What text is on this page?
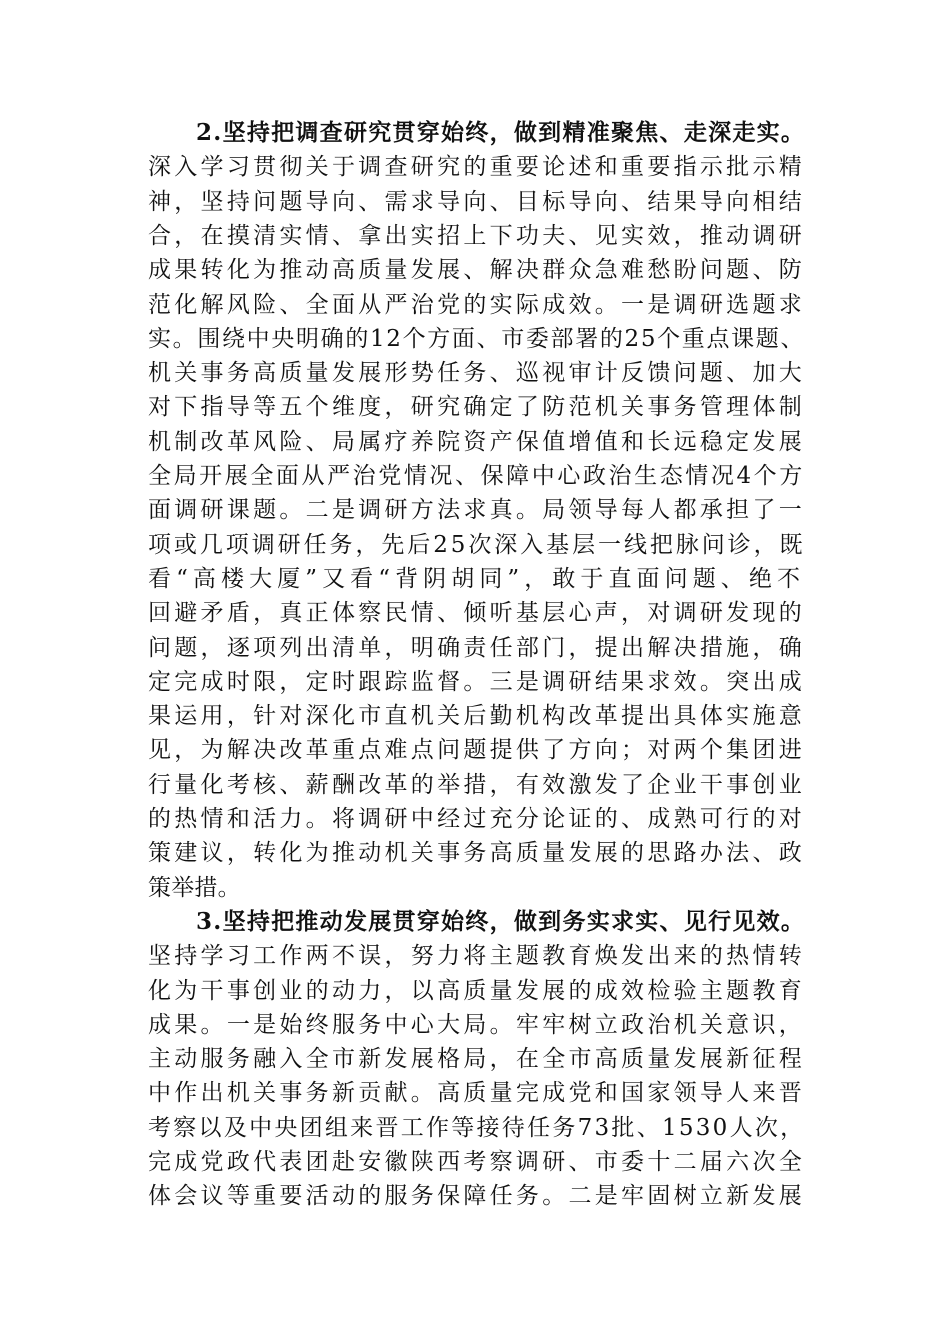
2.坚持把调查研究贯穿始终，做到精准聚焦、走深走实。
深入学习贯彻关于调查研究的重要论述和重要指示批示精
神，坚持问题导向、需求导向、目标导向、结果导向相结
合，在摸清实情、拿出实招上下功夫、见实效，推动调研
成果转化为推动高质量发展、解决群众急难愁盼问题、防
范化解风险、全面从严治党的实际成效。一是调研选题求
实。围绕中央明确的12个方面、市委部署的25个重点课题、
机关事务高质量发展形势任务、巡视审计反馈问题、加大
对下指导等五个维度，研究确定了防范机关事务管理体制
机制改革风险、局属疗养院资产保值增值和长远稳定发展
全局开展全面从严治党情况、保障中心政治生态情况4个方
面调研课题。二是调研方法求真。局领导每人都承担了一
项或几项调研任务，先后25次深入基层一线把脉问诊，既
看“高楼大厦”又看“背阴胡同”，敢于直面问题、绝不
回避矛盾，真正体察民情、倾听基层心声，对调研发现的
问题，逐项列出清单，明确责任部门，提出解决措施，确
定完成时限，定时跟踪监督。三是调研结果求效。突出成
果运用，针对深化市直机关后勤机构改革提出具体实施意
见，为解决改革重点难点问题提供了方向；对两个集团进
行量化考核、薪酬改革的举措，有效激发了企业干事创业
的热情和活力。将调研中经过充分论证的、成熟可行的对
策建议，转化为推动机关事务高质量发展的思路办法、政
策举措。
3.坚持把推动发展贯穿始终，做到务实求实、见行见效。
坚持学习工作两不误，努力将主题教育焕发出来的热情转
化为干事创业的动力，以高质量发展的成效检验主题教育
成果。一是始终服务中心大局。牢牢树立政治机关意识，
主动服务融入全市新发展格局，在全市高质量发展新征程
中作出机关事务新贡献。高质量完成党和国家领导人来晋
考察以及中央团组来晋工作等接待任务73批、1530人次，
完成党政代表团赴安徽陕西考察调研、市委十二届六次全
体会议等重要活动的服务保障任务。二是牢固树立新发展
